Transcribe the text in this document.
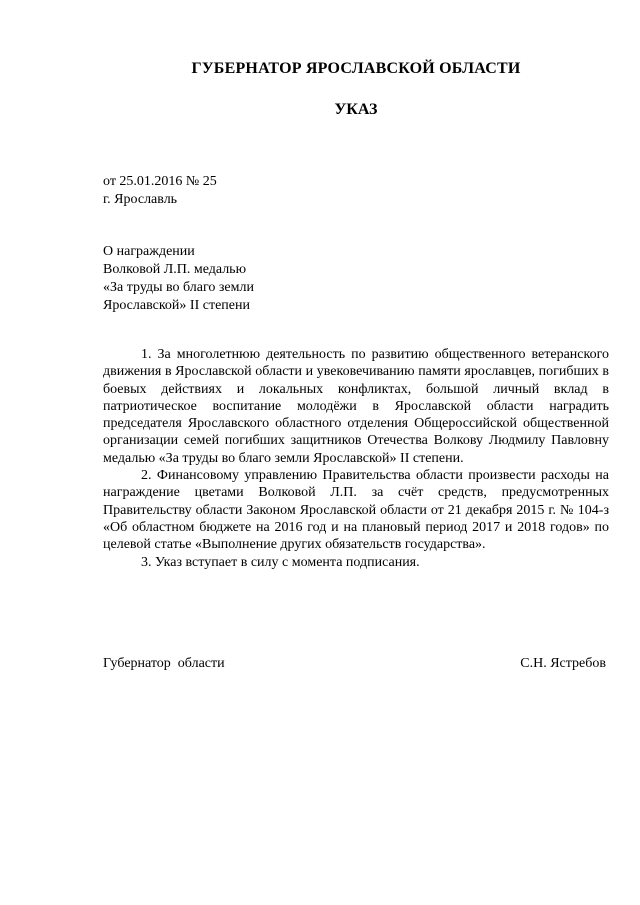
ГУБЕРНАТОР ЯРОСЛАВСКОЙ ОБЛАСТИ
УКАЗ
от 25.01.2016 № 25
г. Ярославль
О награждении
Волковой Л.П. медалью
«За труды во благо земли
Ярославской» II степени

1. За многолетнюю деятельность по развитию общественного ветеранского движения в Ярославской области и увековечиванию памяти ярославцев, погибших в боевых действиях и локальных конфликтах, большой личный вклад в патриотическое воспитание молодёжи в Ярославской области наградить председателя Ярославского областного отделения Общероссийской общественной организации семей погибших защитников Отечества Волкову Людмилу Павловну медалью «За труды во благо земли Ярославской» II степени.

2. Финансовому управлению Правительства области произвести расходы на награждение цветами Волковой Л.П. за счёт средств, предусмотренных Правительству области Законом Ярославской области от 21 декабря 2015 г. № 104-з «Об областном бюджете на 2016 год и на плановый период 2017 и 2018 годов» по целевой статье «Выполнение других обязательств государства».

3. Указ вступает в силу с момента подписания.

Губернатор  области	С.Н. Ястребов
